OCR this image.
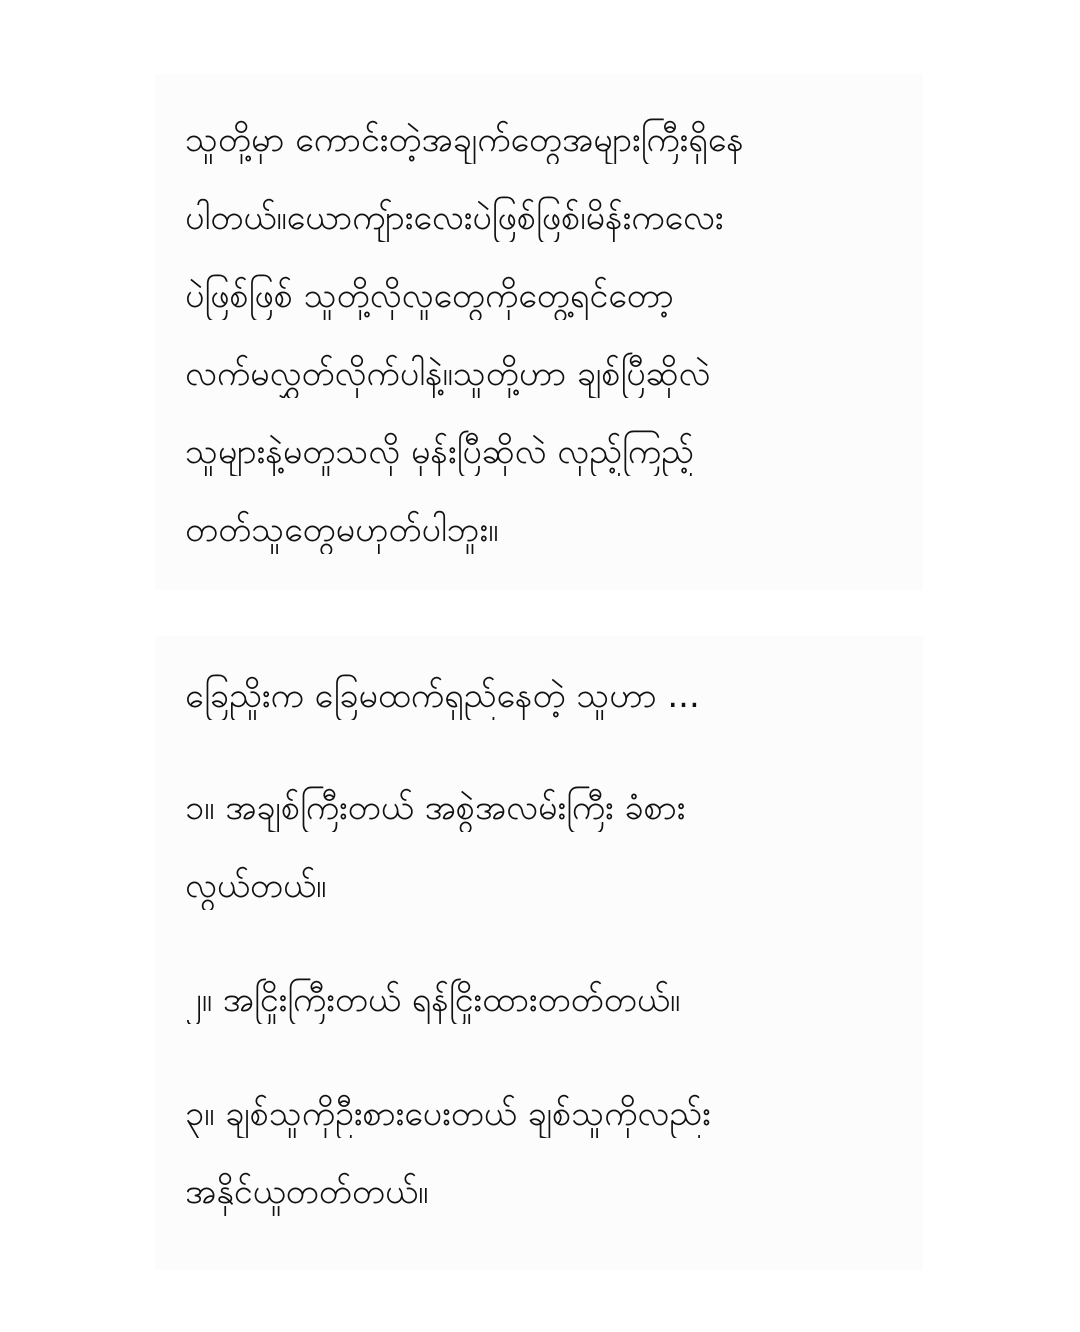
သူတို့မှာ ကောင်းတဲ့အချက်တွေအများကြီးရှိနေ
ပါတယ်။ယောကျ်ားလေးပဲဖြစ်ဖြစ်၊မိန်းကလေး
ပဲဖြစ်ဖြစ် သူတို့လိုလူတွေကိုတွေ့ရင်တော့
လက်မလွှတ်လိုက်ပါနဲ့။သူတို့ဟာ ချစ်ပြီဆိုလဲ
သူများနဲ့မတူသလို မုန်းပြီဆိုလဲ လှည့်ကြည့်
တတ်သူတွေမဟုတ်ပါဘူး။
ခြေညှိုးက ခြေမထက်ရှည်နေတဲ့ သူဟာ ...
၁။ အချစ်ကြီးတယ် အစွဲအလမ်းကြီး ခံစား
လွယ်တယ်။
၂။ အငြိုးကြီးတယ် ရန်ငြိုးထားတတ်တယ်။
၃။ ချစ်သူကိုဦးစားပေးတယ် ချစ်သူကိုလည်း
အနိုင်ယူတတ်တယ်။
